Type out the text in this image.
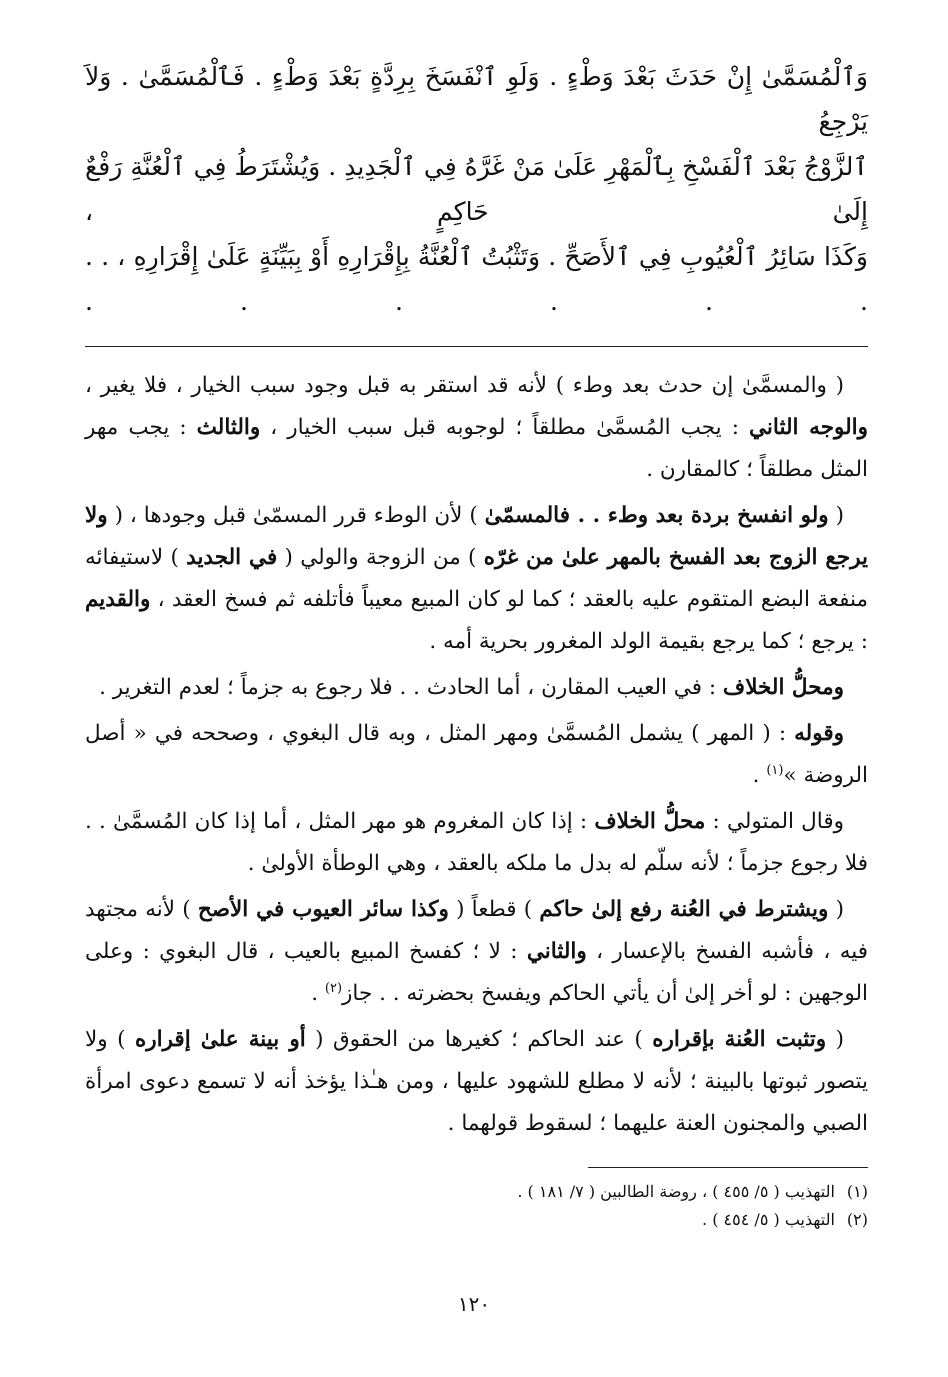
وَٱلْمُسَمَّىٰ إِنْ حَدَثَ بَعْدَ وَطْءٍ . وَلَوِ ٱنْفَسَخَ بِرِدَّةٍ بَعْدَ وَطْءٍ . فَٱلْمُسَمَّىٰ . وَلاَ يَرْجِعُ
ٱلزَّوْجُ بَعْدَ ٱلْفَسْخِ بِٱلْمَهْرِ عَلَىٰ مَنْ غَرَّهُ فِي ٱلْجَدِيدِ . وَيُشْتَرَطُ فِي ٱلْعُنَّةِ رَفْعٌ إِلَىٰ حَاكِمٍ ،
وَكَذَا سَائِرُ ٱلْعُيُوبِ فِي ٱلأَصَحِّ . وَتَثْبُتُ ٱلْعُنَّةُ بِإِقْرَارِهِ أَوْ بِبَيِّنَةٍ عَلَىٰ إِقْرَارِهِ ، . . . . . . . .

( والمسمَّىٰ إن حدث بعد وطء ) لأنه قد استقر به قبل وجود سبب الخيار ، فلا يغير ، والوجه الثاني : يجب المُسمَّىٰ مطلقاً ؛ لوجوبه قبل سبب الخيار ، والثالث : يجب مهر المثل مطلقاً ؛ كالمقارن .

( ولو انفسخ بردة بعد وطء . . فالمسمّىٰ ) لأن الوطء قرر المسمّىٰ قبل وجودها ، ( ولا يرجع الزوج بعد الفسخ بالمهر علىٰ من غرّه ) من الزوجة والولي ( في الجديد ) لاستيفائه منفعة البضع المتقوم عليه بالعقد ؛ كما لو كان المبيع معيباً فأتلفه ثم فسخ العقد ، والقديم : يرجع ؛ كما يرجع بقيمة الولد المغرور بحرية أمه .

ومحلُّ الخلاف : في العيب المقارن ، أما الحادث . . فلا رجوع به جزماً ؛ لعدم التغرير .

وقوله : ( المهر ) يشمل المُسمَّىٰ ومهر المثل ، وبه قال البغوي ، وصححه في « أصل الروضة »$^{(١)}$ .

وقال المتولي : محلُّ الخلاف : إذا كان المغروم هو مهر المثل ، أما إذا كان المُسمَّىٰ . . فلا رجوع جزماً ؛ لأنه سلّم له بدل ما ملكه بالعقد ، وهي الوطأة الأولىٰ .

( ويشترط في العُنة رفع إلىٰ حاكم ) قطعاً ( وكذا سائر العيوب في الأصح ) لأنه مجتهد فيه ، فأشبه الفسخ بالإعسار ، والثاني : لا ؛ كفسخ المبيع بالعيب ، قال البغوي : وعلى الوجهين : لو أخر إلىٰ أن يأتي الحاكم ويفسخ بحضرته . . جاز$^{(٢)}$ .

( وتثبت العُنة بإقراره ) عند الحاكم ؛ كغيرها من الحقوق ( أو بينة علىٰ إقراره ) ولا يتصور ثبوتها بالبينة ؛ لأنه لا مطلع للشهود عليها ، ومن هـٰذا يؤخذ أنه لا تسمع دعوى امرأة الصبي والمجنون العنة عليهما ؛ لسقوط قولهما .

(١)
التهذيب ( ٥/ ٤٥٥ ) ، روضة الطالبين ( ٧/ ١٨١ ) .
(٢)
التهذيب ( ٥/ ٤٥٤ ) .
١٢٠
